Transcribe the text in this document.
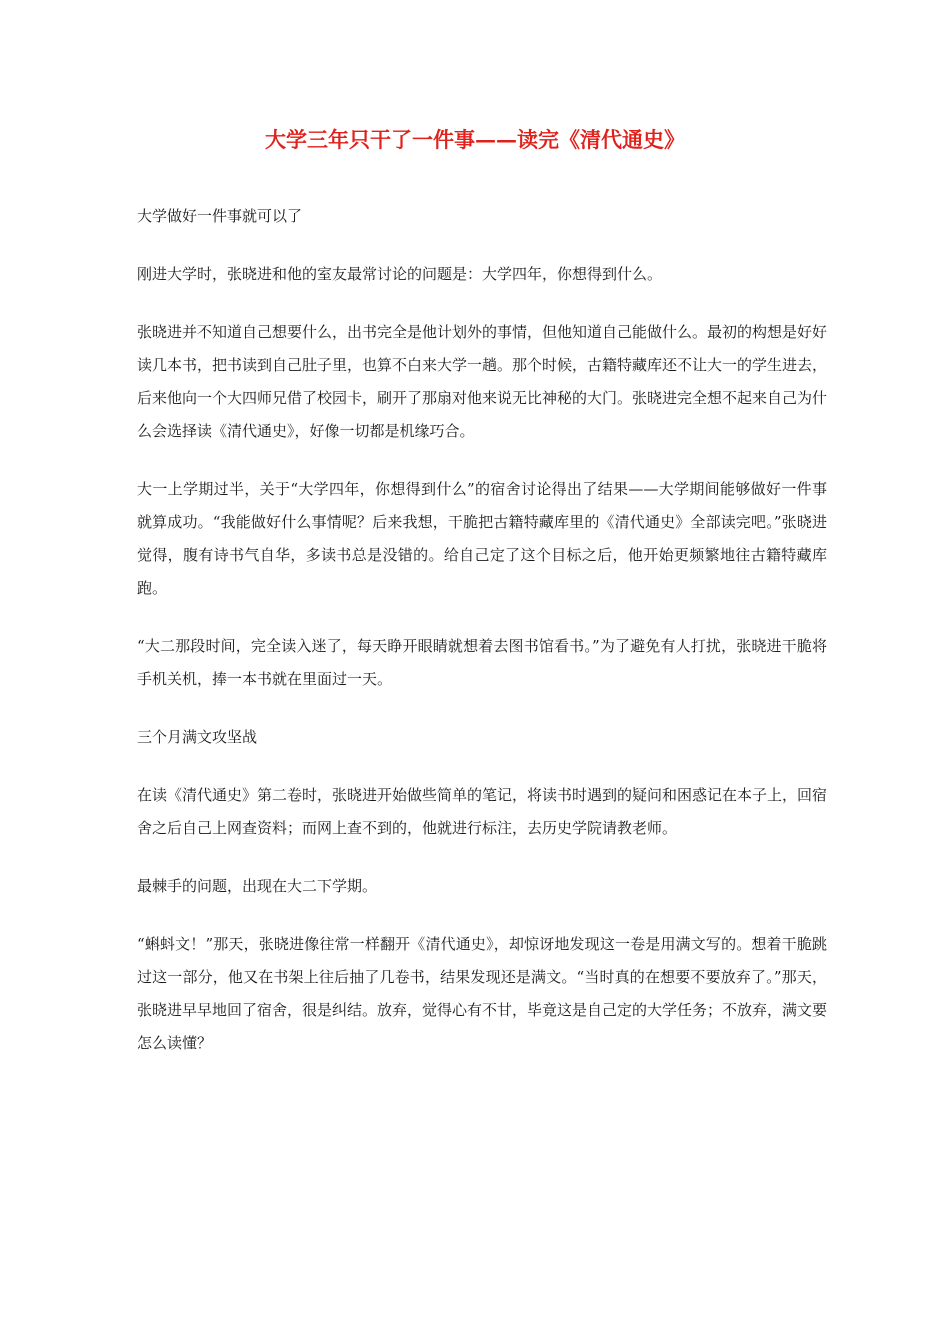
大学三年只干了一件事——读完《清代通史》

大学做好一件事就可以了

刚进大学时，张晓进和他的室友最常讨论的问题是：大学四年，你想得到什么。

张晓进并不知道自己想要什么，出书完全是他计划外的事情，但他知道自己能做什么。最初的构想是好好读几本书，把书读到自己肚子里，也算不白来大学一趟。那个时候，古籍特藏库还不让大一的学生进去，后来他向一个大四师兄借了校园卡，刷开了那扇对他来说无比神秘的大门。张晓进完全想不起来自己为什么会选择读《清代通史》，好像一切都是机缘巧合。

大一上学期过半，关于“大学四年，你想得到什么”的宿舍讨论得出了结果——大学期间能够做好一件事就算成功。“我能做好什么事情呢？后来我想，干脆把古籍特藏库里的《清代通史》全部读完吧。”张晓进觉得，腹有诗书气自华，多读书总是没错的。给自己定了这个目标之后，他开始更频繁地往古籍特藏库跑。

“大二那段时间，完全读入迷了，每天睁开眼睛就想着去图书馆看书。”为了避免有人打扰，张晓进干脆将手机关机，捧一本书就在里面过一天。

三个月满文攻坚战

在读《清代通史》第二卷时，张晓进开始做些简单的笔记，将读书时遇到的疑问和困惑记在本子上，回宿舍之后自己上网查资料；而网上查不到的，他就进行标注，去历史学院请教老师。

最棘手的问题，出现在大二下学期。

“蝌蚪文！”那天，张晓进像往常一样翻开《清代通史》，却惊讶地发现这一卷是用满文写的。想着干脆跳过这一部分，他又在书架上往后抽了几卷书，结果发现还是满文。“当时真的在想要不要放弃了。”那天，张晓进早早地回了宿舍，很是纠结。放弃，觉得心有不甘，毕竟这是自己定的大学任务；不放弃，满文要怎么读懂？
